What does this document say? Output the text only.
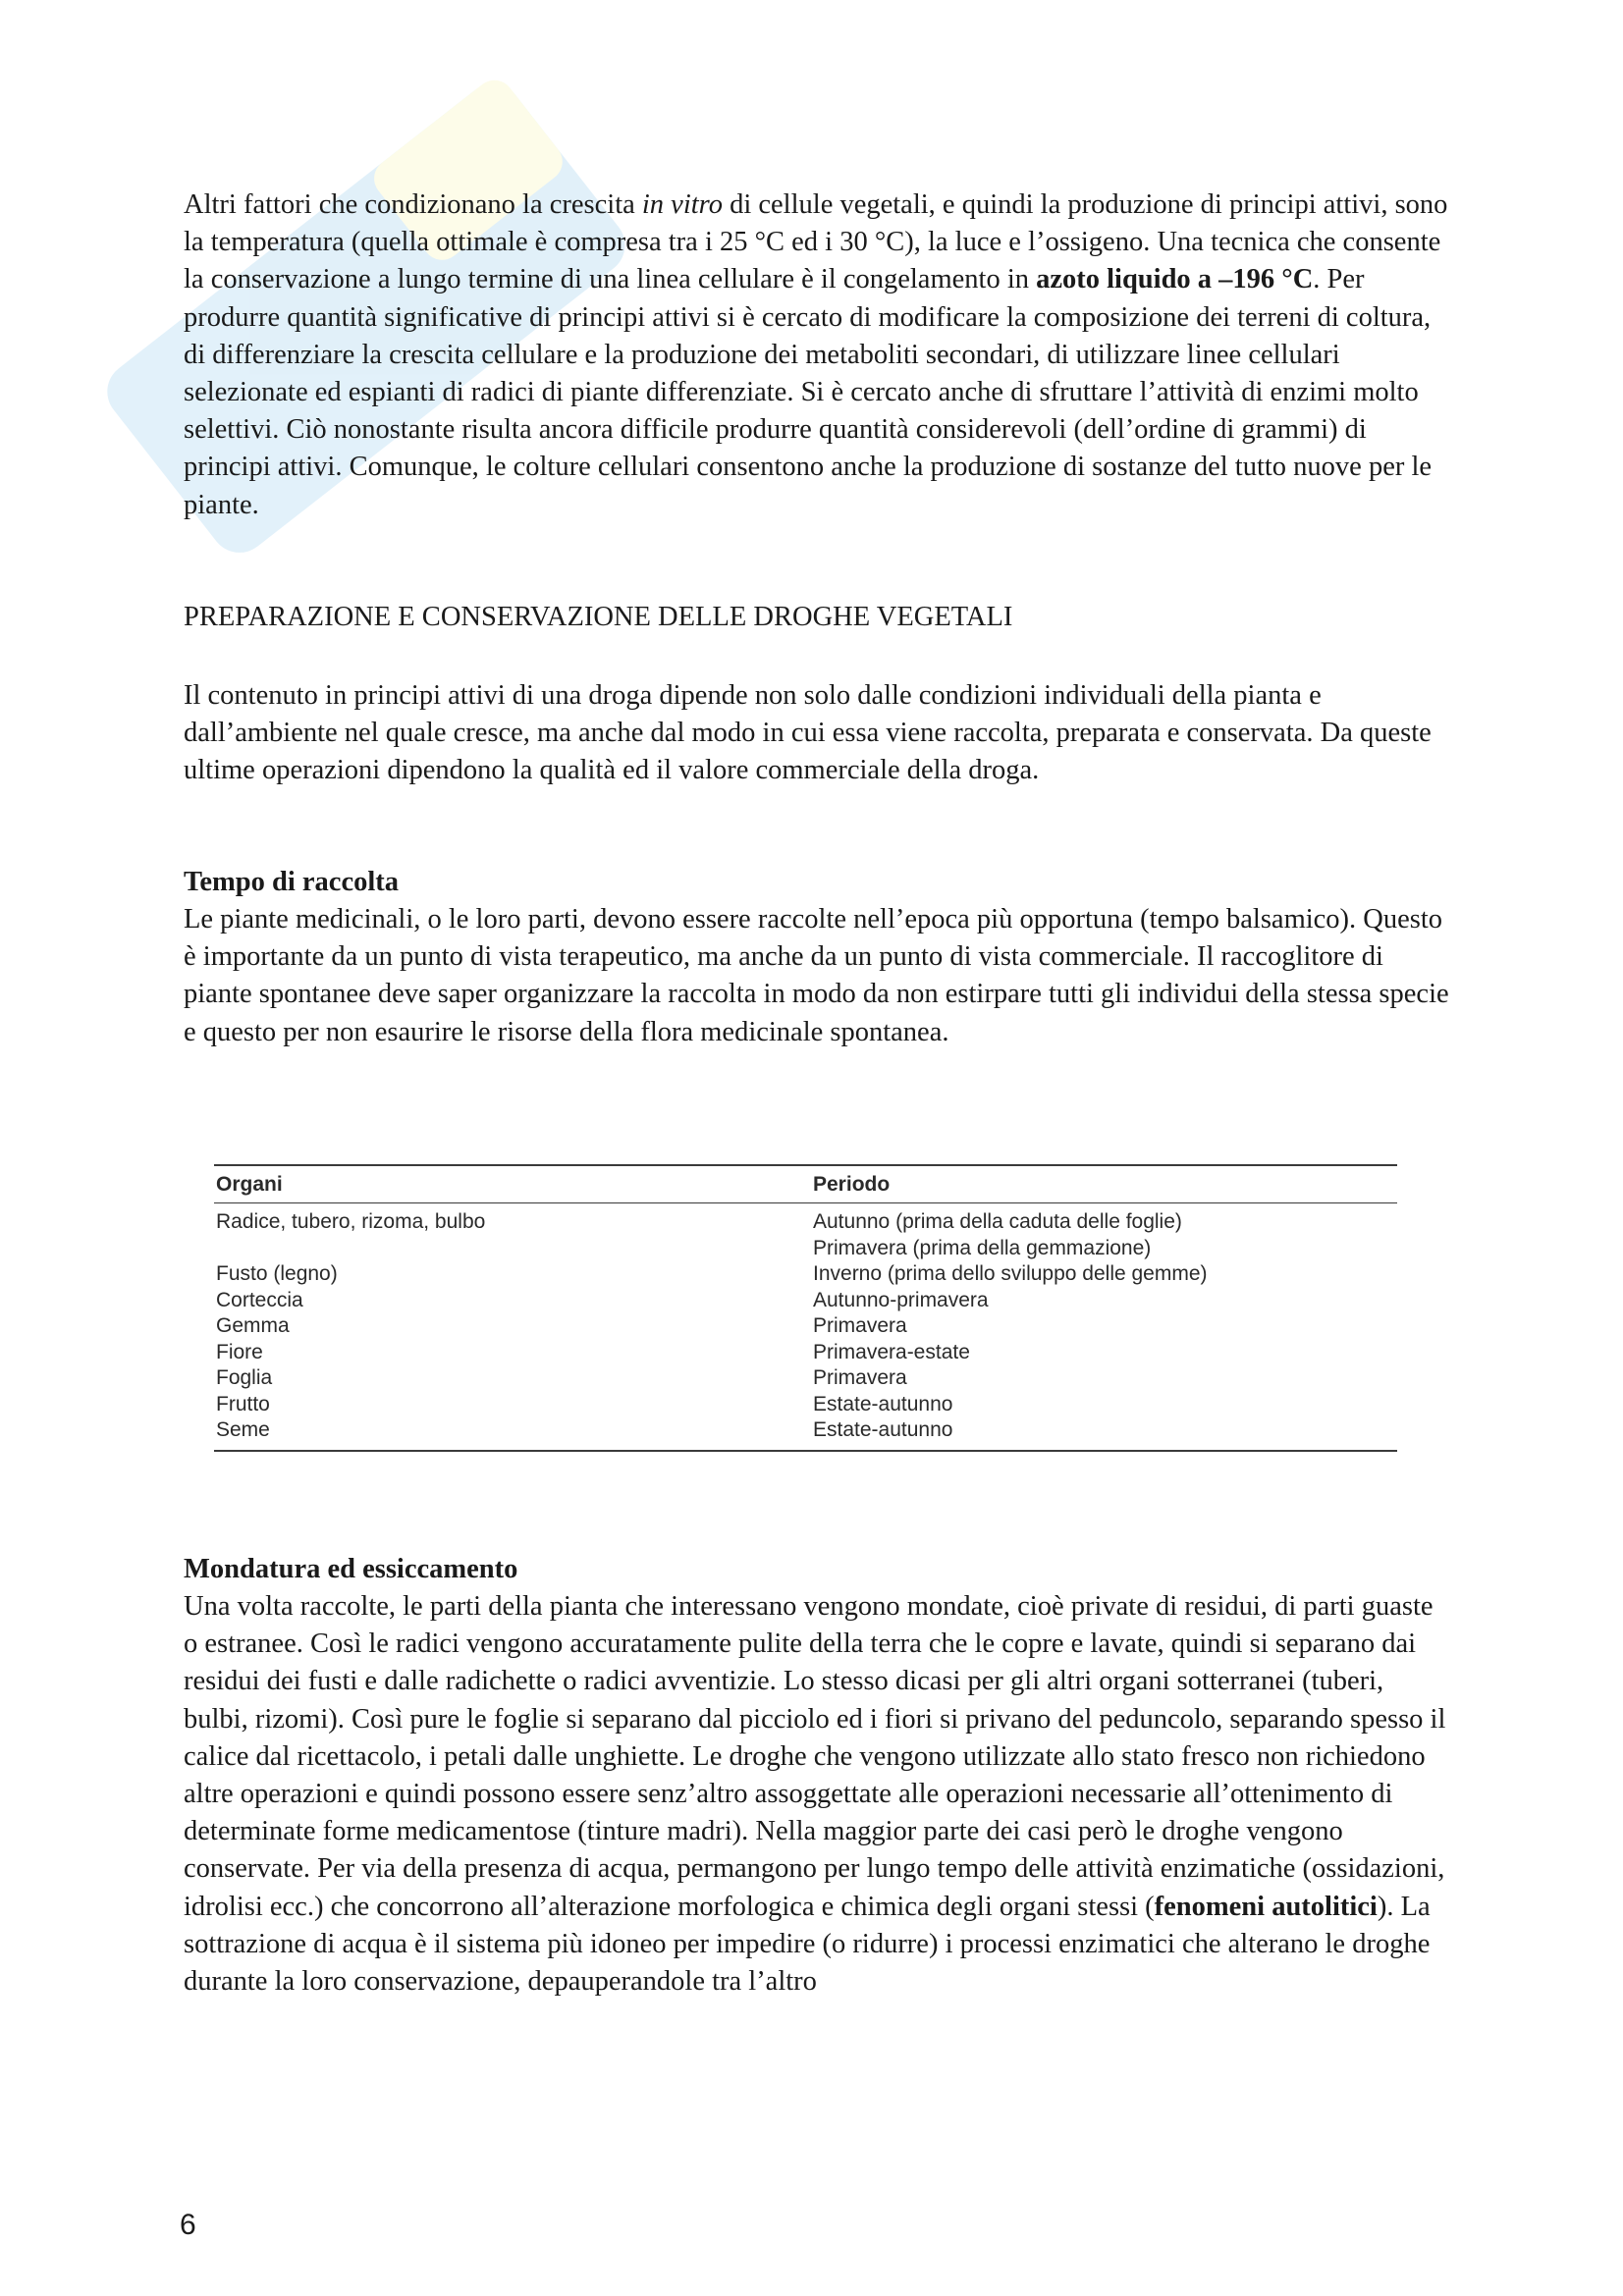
Altri fattori che condizionano la crescita in vitro di cellule vegetali, e quindi la produzione di principi attivi, sono la temperatura (quella ottimale è compresa tra i 25 °C ed i 30 °C), la luce e l’ossigeno. Una tecnica che consente la conservazione a lungo termine di una linea cellulare è il congelamento in azoto liquido a –196 °C. Per produrre quantità significative di principi attivi si è cercato di modificare la composizione dei terreni di coltura, di differenziare la crescita cellulare e la produzione dei metaboliti secondari, di utilizzare linee cellulari selezionate ed espianti di radici di piante differenziate. Si è cercato anche di sfruttare l’attività di enzimi molto selettivi. Ciò nonostante risulta ancora difficile produrre quantità considerevoli (dell’ordine di grammi) di principi attivi. Comunque, le colture cellulari consentono anche la produzione di sostanze del tutto nuove per le piante.

PREPARAZIONE E CONSERVAZIONE DELLE DROGHE VEGETALI

Il contenuto in principi attivi di una droga dipende non solo dalle condizioni individuali della pianta e dall’ambiente nel quale cresce, ma anche dal modo in cui essa viene raccolta, preparata e conservata. Da queste ultime operazioni dipendono la qualità ed il valore commerciale della droga.

Tempo di raccolta

Le piante medicinali, o le loro parti, devono essere raccolte nell’epoca più opportuna (tempo balsamico). Questo è importante da un punto di vista terapeutico, ma anche da un punto di vista commerciale. Il raccoglitore di piante spontanee deve saper organizzare la raccolta in modo da non estirpare tutti gli individui della stessa specie e questo per non esaurire le risorse della flora medicinale spontanea.

Mondatura ed essiccamento

Una volta raccolte, le parti della pianta che interessano vengono mondate, cioè private di residui, di parti guaste o estranee. Così le radici vengono accuratamente pulite della terra che le copre e lavate, quindi si separano dai residui dei fusti e dalle radichette o radici avventizie. Lo stesso dicasi per gli altri organi sotterranei (tuberi, bulbi, rizomi). Così pure le foglie si separano dal picciolo ed i fiori si privano del peduncolo, separando spesso il calice dal ricettacolo, i petali dalle unghiette. Le droghe che vengono utilizzate allo stato fresco non richiedono altre operazioni e quindi possono essere senz’altro assoggettate alle operazioni necessarie all’ottenimento di determinate forme medicamentose (tinture madri). Nella maggior parte dei casi però le droghe vengono conservate. Per via della presenza di acqua, permangono per lungo tempo delle attività enzimatiche (ossidazioni, idrolisi ecc.) che concorrono all’alterazione morfologica e chimica degli organi stessi (fenomeni autolitici). La sottrazione di acqua è il sistema più idoneo per impedire (o ridurre) i processi enzimatici che alterano le droghe durante la loro conservazione, depauperandole tra l’altro

Organi	Periodo
Radice, tubero, rizoma, bulbo	Autunno (prima della caduta delle foglie)
Primavera (prima della gemmazione)
Fusto (legno)	Inverno (prima dello sviluppo delle gemme)
Corteccia	Autunno-primavera
Gemma	Primavera
Fiore	Primavera-estate
Foglia	Primavera
Frutto	Estate-autunno
Seme	Estate-autunno
6
